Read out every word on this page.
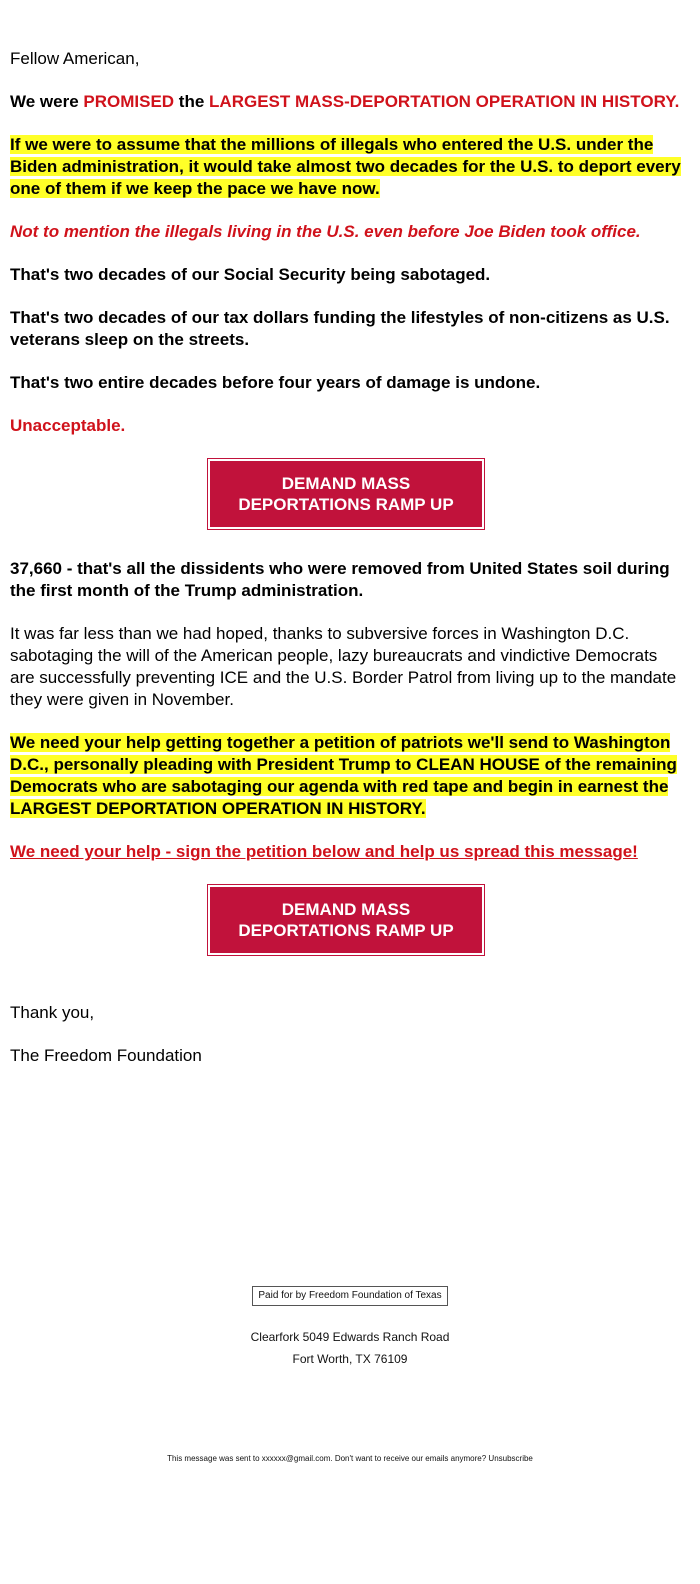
Fellow American,

We were PROMISED the LARGEST MASS-DEPORTATION OPERATION IN HISTORY.

If we were to assume that the millions of illegals who entered the U.S. under the Biden administration, it would take almost two decades for the U.S. to deport every one of them if we keep the pace we have now.

Not to mention the illegals living in the U.S. even before Joe Biden took office.

That's two decades of our Social Security being sabotaged.

That's two decades of our tax dollars funding the lifestyles of non-citizens as U.S. veterans sleep on the streets.

That's two entire decades before four years of damage is undone.

Unacceptable.

DEMAND MASS
DEPORTATIONS RAMP UP

37,660 - that's all the dissidents who were removed from United States soil during the first month of the Trump administration.

It was far less than we had hoped, thanks to subversive forces in Washington D.C. sabotaging the will of the American people, lazy bureaucrats and vindictive Democrats are successfully preventing ICE and the U.S. Border Patrol from living up to the mandate they were given in November.

We need your help getting together a petition of patriots we'll send to Washington D.C., personally pleading with President Trump to CLEAN HOUSE of the remaining Democrats who are sabotaging our agenda with red tape and begin in earnest the LARGEST DEPORTATION OPERATION IN HISTORY.

We need your help - sign the petition below and help us spread this message!

DEMAND MASS
DEPORTATIONS RAMP UP

Thank you,

The Freedom Foundation

Paid for by Freedom Foundation of Texas
Clearfork 5049 Edwards Ranch Road
Fort Worth, TX 76109
This message was sent to xxxxxx@gmail.com. Don't want to receive our emails anymore? Unsubscribe
